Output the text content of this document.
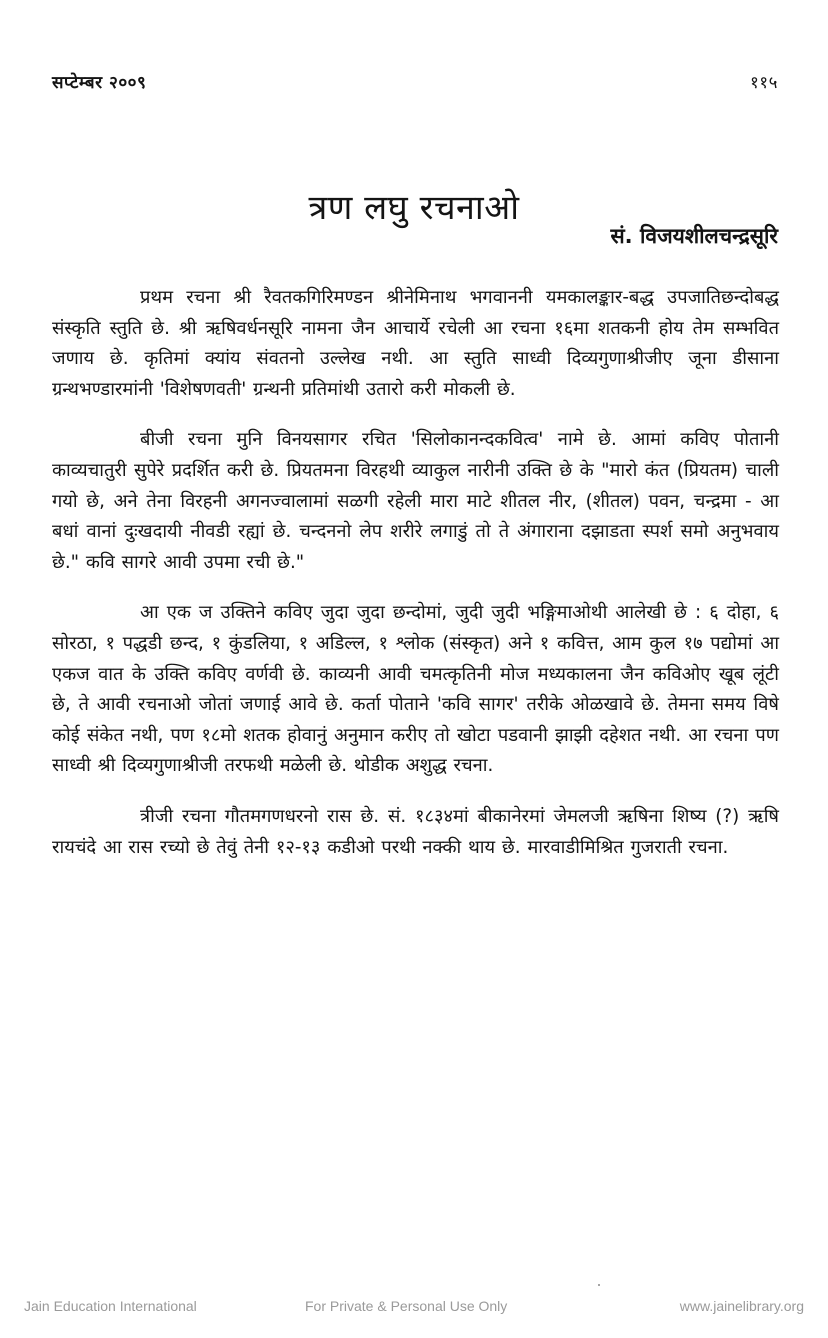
सप्टेम्बर २००९	११५
त्रण लघु रचनाओ
सं. विजयशीलचन्द्रसूरि

प्रथम रचना श्री रैवतकगिरिमण्डन श्रीनेमिनाथ भगवाननी यमकालङ्कार-बद्ध उपजातिछन्दोबद्ध संस्कृति स्तुति छे. श्री ऋषिवर्धनसूरि नामना जैन आचार्ये रचेली आ रचना १६मा शतकनी होय तेम सम्भवित जणाय छे. कृतिमां क्यांय संवतनो उल्लेख नथी. आ स्तुति साध्वी दिव्यगुणाश्रीजीए जूना डीसाना ग्रन्थभण्डारमांनी 'विशेषणवती' ग्रन्थनी प्रतिमांथी उतारो करी मोकली छे.

बीजी रचना मुनि विनयसागर रचित 'सिलोकानन्दकवित्व' नामे छे. आमां कविए पोतानी काव्यचातुरी सुपेरे प्रदर्शित करी छे. प्रियतमना विरहथी व्याकुल नारीनी उक्ति छे के "मारो कंत (प्रियतम) चाली गयो छे, अने तेना विरहनी अगनज्वालामां सळगी रहेली मारा माटे शीतल नीर, (शीतल) पवन, चन्द्रमा - आ बधां वानां दुःखदायी नीवडी रह्यां छे. चन्दननो लेप शरीरे लगाडुं तो ते अंगाराना दझाडता स्पर्श समो अनुभवाय छे." कवि सागरे आवी उपमा रची छे."

आ एक ज उक्तिने कविए जुदा जुदा छन्दोमां, जुदी जुदी भङ्गिमाओथी आलेखी छे : ६ दोहा, ६ सोरठा, १ पद्धडी छन्द, १ कुंडलिया, १ अडिल्ल, १ श्लोक (संस्कृत) अने १ कवित्त, आम कुल १७ पद्योमां आ एकज वात के उक्ति कविए वर्णवी छे. काव्यनी आवी चमत्कृतिनी मोज मध्यकालना जैन कविओए खूब लूंटी छे, ते आवी रचनाओ जोतां जणाई आवे छे. कर्ता पोताने 'कवि सागर' तरीके ओळखावे छे. तेमना समय विषे कोई संकेत नथी, पण १८मो शतक होवानुं अनुमान करीए तो खोटा पडवानी झाझी दहेशत नथी. आ रचना पण साध्वी श्री दिव्यगुणाश्रीजी तरफथी मळेली छे. थोडीक अशुद्ध रचना.

त्रीजी रचना गौतमगणधरनो रास छे. सं. १८३४मां बीकानेरमां जेमलजी ऋषिना शिष्य (?) ऋषि रायचंदे आ रास रच्यो छे तेवुं तेनी १२-१३ कडीओ परथी नक्की थाय छे. मारवाडीमिश्रित गुजराती रचना.

Jain Education International	For Private & Personal Use Only	www.jainelibrary.org
